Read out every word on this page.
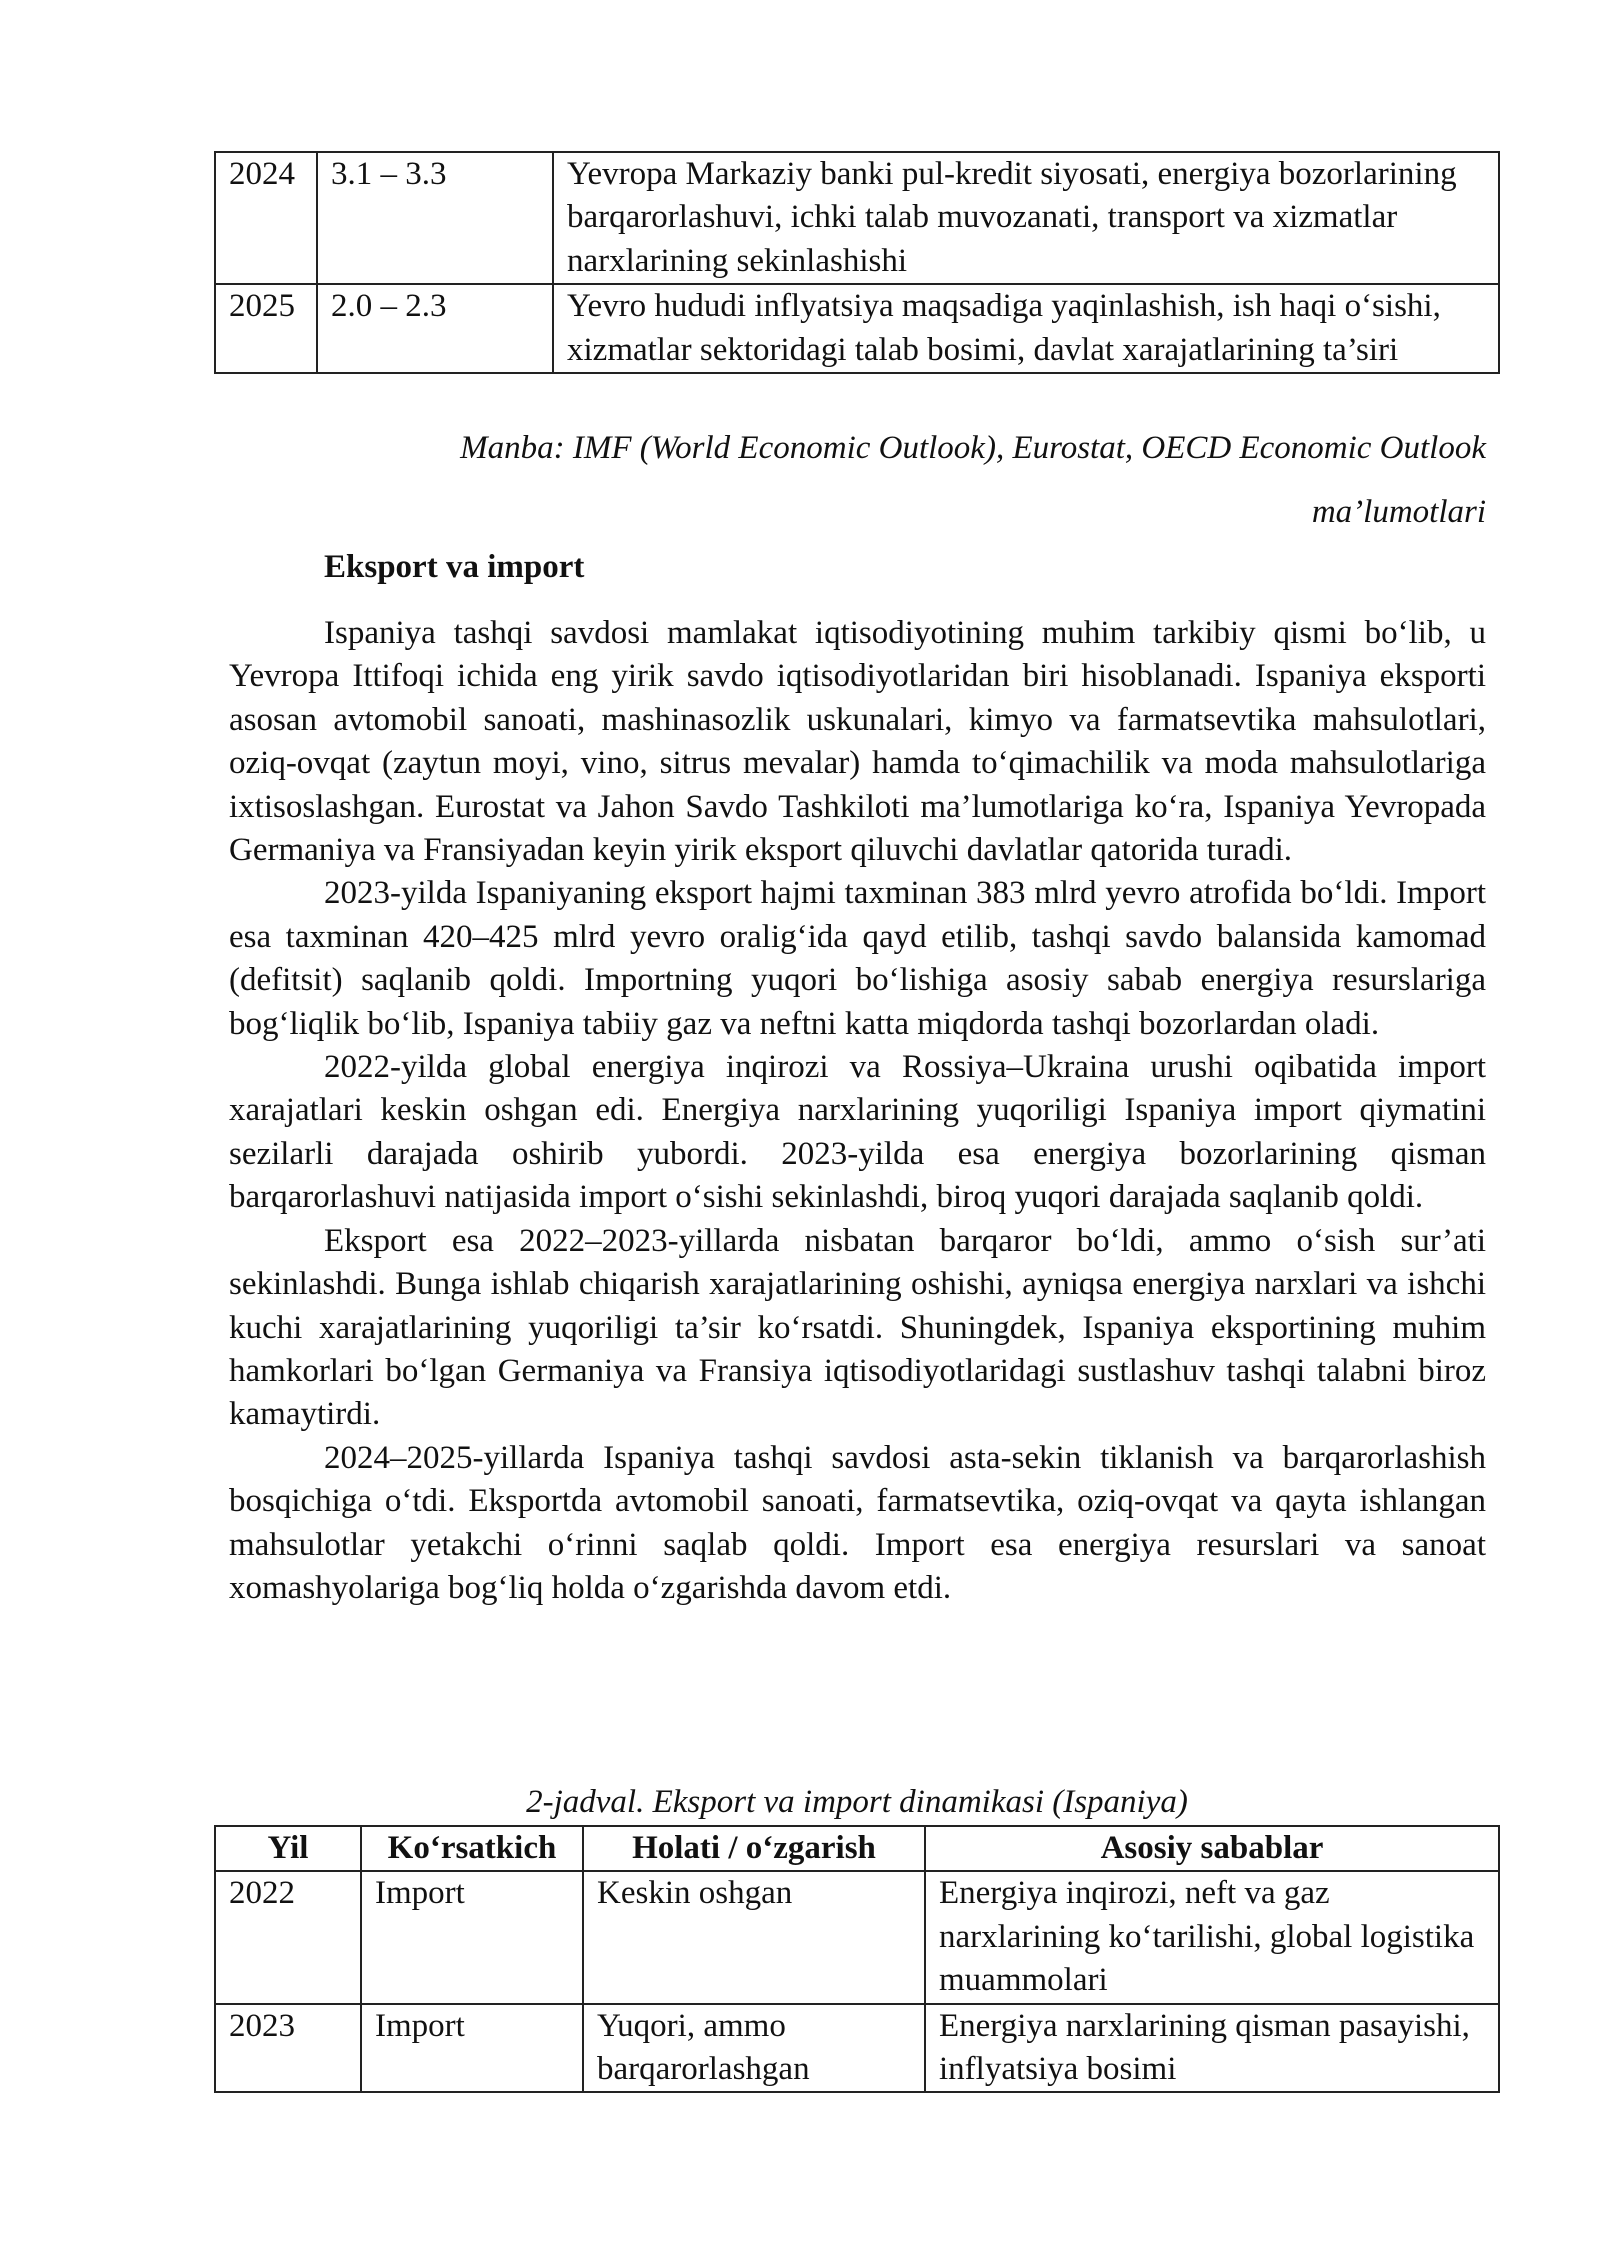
2024	3.1 – 3.3	Yevropa Markaziy banki pul-kredit siyosati, energiya bozorlarining barqarorlashuvi, ichki talab muvozanati, transport va xizmatlar narxlarining sekinlashishi
2025	2.0 – 2.3	Yevro hududi inflyatsiya maqsadiga yaqinlashish, ish haqi o‘sishi, xizmatlar sektoridagi talab bosimi, davlat xarajatlarining ta’siri
Manba: IMF (World Economic Outlook), Eurostat, OECD Economic Outlook ma’lumotlari
Eksport va import

Ispaniya tashqi savdosi mamlakat iqtisodiyotining muhim tarkibiy qismi bo‘lib, u Yevropa Ittifoqi ichida eng yirik savdo iqtisodiyotlaridan biri hisoblanadi. Ispaniya eksporti asosan avtomobil sanoati, mashinasozlik uskunalari, kimyo va farmatsevtika mahsulotlari, oziq-ovqat (zaytun moyi, vino, sitrus mevalar) hamda to‘qimachilik va moda mahsulotlariga ixtisoslashgan. Eurostat va Jahon Savdo Tashkiloti ma’lumotlariga ko‘ra, Ispaniya Yevropada Germaniya va Fransiyadan keyin yirik eksport qiluvchi davlatlar qatorida turadi.

2023-yilda Ispaniyaning eksport hajmi taxminan 383 mlrd yevro atrofida bo‘ldi. Import esa taxminan 420–425 mlrd yevro oralig‘ida qayd etilib, tashqi savdo balansida kamomad (defitsit) saqlanib qoldi. Importning yuqori bo‘lishiga asosiy sabab energiya resurslariga bog‘liqlik bo‘lib, Ispaniya tabiiy gaz va neftni katta miqdorda tashqi bozorlardan oladi.

2022-yilda global energiya inqirozi va Rossiya–Ukraina urushi oqibatida import xarajatlari keskin oshgan edi. Energiya narxlarining yuqoriligi Ispaniya import qiymatini sezilarli darajada oshirib yubordi. 2023-yilda esa energiya bozorlarining qisman barqarorlashuvi natijasida import o‘sishi sekinlashdi, biroq yuqori darajada saqlanib qoldi.

Eksport esa 2022–2023-yillarda nisbatan barqaror bo‘ldi, ammo o‘sish sur’ati sekinlashdi. Bunga ishlab chiqarish xarajatlarining oshishi, ayniqsa energiya narxlari va ishchi kuchi xarajatlarining yuqoriligi ta’sir ko‘rsatdi. Shuningdek, Ispaniya eksportining muhim hamkorlari bo‘lgan Germaniya va Fransiya iqtisodiyotlaridagi sustlashuv tashqi talabni biroz kamaytirdi.

2024–2025-yillarda Ispaniya tashqi savdosi asta-sekin tiklanish va barqarorlashish bosqichiga o‘tdi. Eksportda avtomobil sanoati, farmatsevtika, oziq-ovqat va qayta ishlangan mahsulotlar yetakchi o‘rinni saqlab qoldi. Import esa energiya resurslari va sanoat xomashyolariga bog‘liq holda o‘zgarishda davom etdi.

2-jadval. Eksport va import dinamikasi (Ispaniya)
Yil	Ko‘rsatkich	Holati / o‘zgarish	Asosiy sabablar
2022	Import	Keskin oshgan	Energiya inqirozi, neft va gaz narxlarining ko‘tarilishi, global logistika muammolari
2023	Import	Yuqori, ammo barqarorlashgan	Energiya narxlarining qisman pasayishi, inflyatsiya bosimi
